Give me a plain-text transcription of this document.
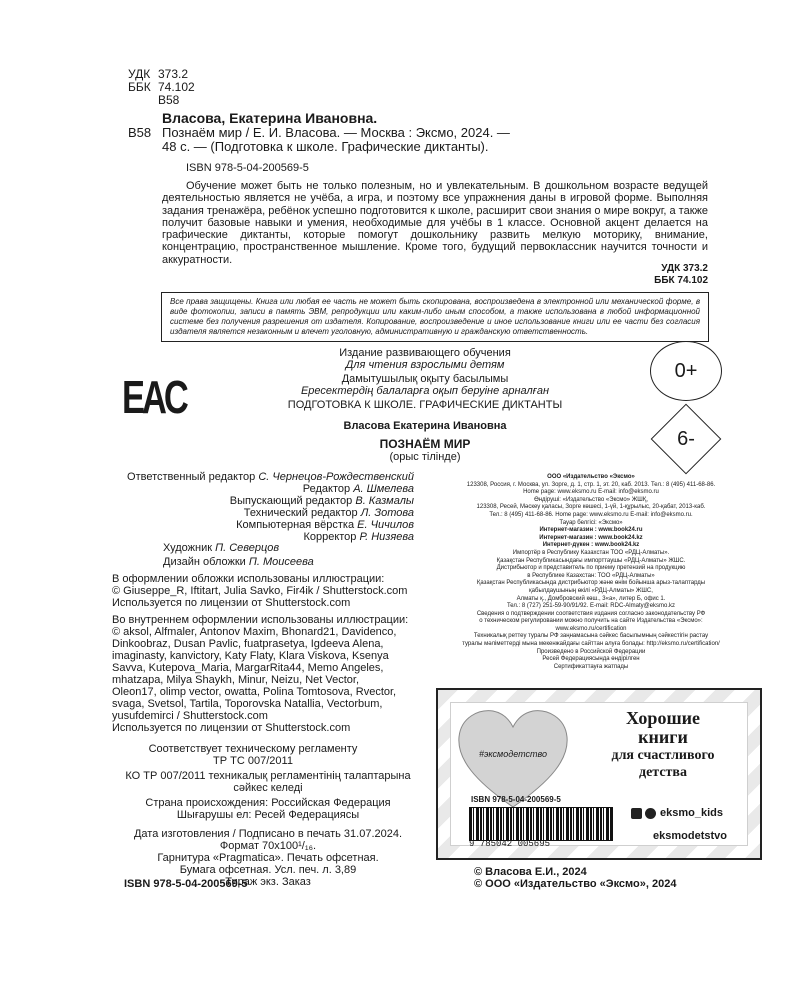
УДК 373.2
ББК 74.102
В58
Власова, Екатерина Ивановна.
В58 Познаём мир / Е. И. Власова. — Москва : Эксмо, 2024. —
48 с. — (Подготовка к школе. Графические диктанты).
ISBN 978-5-04-200569-5
Обучение может быть не только полезным, но и увлекательным. В дошкольном возрасте ведущей деятельностью является не учёба, а игра, и поэтому все упражнения даны в игровой форме. Выполняя задания тренажёра, ребёнок успешно подготовится к школе, расширит свои знания о мире вокруг, а также получит базовые навыки и умения, необходимые для учёбы в 1 классе. Основной акцент делается на графические диктанты, которые помогут дошкольнику развить мелкую моторику, внимание, концентрацию, пространственное мышление. Кроме того, будущий первоклассник научится точности и аккуратности.
УДК 373.2
ББК 74.102
Все права защищены. Книга или любая ее часть не может быть скопирована, воспроизведена в электронной или механической форме, в виде фотокопии, записи в память ЭВМ, репродукции или каким-либо иным способом, а также использована в любой информационной системе без получения разрешения от издателя. Копирование, воспроизведение и иное использование книги или ее части без согласия издателя является незаконным и влечет уголовную, административную и гражданскую ответственность.
Издание развивающего обучения
Для чтения взрослыми детям
Дамытушылық оқыту басылымы
Ересектердің балаларға оқып беруіне арналған
ПОДГОТОВКА К ШКОЛЕ. ГРАФИЧЕСКИЕ ДИКТАНТЫ
Власова Екатерина Ивановна
ПОЗНАЁМ МИР
(орыс тілінде)
EAC
0+
6-
Ответственный редактор С. Чернецов-Рождественский
Редактор А. Шмелева
Выпускающий редактор В. Казмалы
Технический редактор Л. Зотова
Компьютерная вёрстка Е. Чичилов
Корректор Р. Низяева
Художник П. Северцов
Дизайн обложки П. Моисеева
В оформлении обложки использованы иллюстрации:
© Giuseppe_R, Iftitart, Julia Savko, Fir4ik / Shutterstock.com
Используется по лицензии от Shutterstock.com
Во внутреннем оформлении использованы иллюстрации:
© aksol, Alfmaler, Antonov Maxim, Bhonard21, Davidenco,
Dinkoobraz, Dusan Pavlic, fuatprasetya, Igdeeva Alena,
imaginasty, kanvictory, Katy Flaty, Klara Viskova, Ksenya
Savva, Kutepova_Maria, MargarRita44, Memo Angeles,
mhatzapa, Milya Shaykh, Minur, Neizu, Net Vector,
Oleon17, olimp vector, owatta, Polina Tomtosova, Rvector,
svaga, Svetsol, Tartila, Toporovska Natallia, Vectorbum,
yusufdemirci / Shutterstock.com
Используется по лицензии от Shutterstock.com
Соответствует техническому регламенту
ТР ТС 007/2011
КО ТР 007/2011 техникалық регламентінің талаптарына
сәйкес келеді
Страна происхождения: Российская Федерация
Шығарушы ел: Ресей Федерациясы
Дата изготовления / Подписано в печать 31.07.2024.
Формат 70х100¹/₁₆.
Гарнитура «Pragmatica». Печать офсетная.
Бумага офсетная. Усл. печ. л. 3,89
Тираж экз. Заказ
ООО «Издательство «Эксмо»
123308, Россия, г. Москва, ул. Зорге, д. 1, стр. 1, эт. 20, каб. 2013. Тел.: 8 (495) 411-68-86.
Home page: www.eksmo.ru E-mail: info@eksmo.ru
Өндіруші: «Издательство «Эксмо» ЖШҚ,
123308, Ресей, Мәскеу қаласы, Зорге көшесі, 1-үй, 1-құрылыс, 20-қабат, 2013-каб.
Тел.: 8 (495) 411-68-86. Home page: www.eksmo.ru E-mail: info@eksmo.ru.
Тауар белгісі: «Эксмо»
Интернет-магазин : www.book24.ru
Интернет-магазин : www.book24.kz
Интернет-дүкен : www.book24.kz
Импортёр в Республику Казахстан ТОО «РДЦ-Алматы».
Қазақстан Республикасындағы импорттаушы «РДЦ-Алматы» ЖШС.
Дистрибьютор и представитель по приему претензий на продукцию
в Республике Казахстан: ТОО «РДЦ-Алматы»
Қазақстан Республикасында дистрибьютор және өнім бойынша арыз-талаптарды
қабылдаушының өкілі «РДЦ-Алматы» ЖШС,
Алматы қ., Домбровский көш., 3«а», литер Б, офис 1.
Тел.: 8 (727) 251-59-90/91/92. E-mail: RDC-Almaty@eksmo.kz
Сведения о подтверждении соответствия издания согласно законодательству РФ
о техническом регулировании можно получить на сайте Издательства «Эксмо»:
www.eksmo.ru/certification
Техникалық реттеу туралы РФ заңнамасына сәйкес басылымның сәйкестігін растау
туралы мәліметтерді мына мекенжайдағы сайттан алуға болады: http://eksmo.ru/certification/
Произведено в Российской Федерации
Ресей Федерациясында өндірілген
Сертификаттауға жатпады
#эксмодетство
Хорошие
книги
для счастливого
детства
ISBN 978-5-04-200569-5
9 785042 005695
eksmo_kids
eksmodetstvo
ISBN 978-5-04-200569-5
© Власова Е.И., 2024
© ООО «Издательство «Эксмо», 2024
